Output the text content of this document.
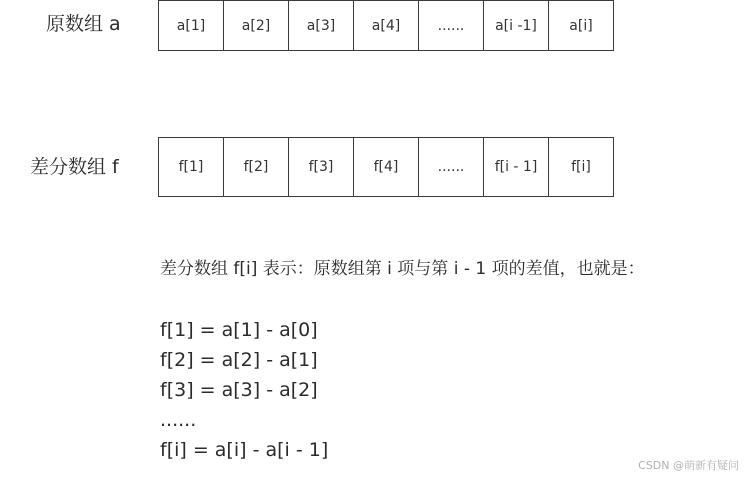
原数组 a	a[1]	a[2]	a[3]	a[4]	......	a[i -1]	a[i]
差分数组 f	f[1]	f[2]	f[3]	f[4]	......	f[i - 1]	f[i]
差分数组 f[i] 表示：原数组第 i 项与第 i - 1 项的差值，也就是：
f[1] = a[1] - a[0]
f[2] = a[2] - a[1]
f[3] = a[3] - a[2]
......
f[i] = a[i] - a[i - 1]
CSDN @萌新有疑问
